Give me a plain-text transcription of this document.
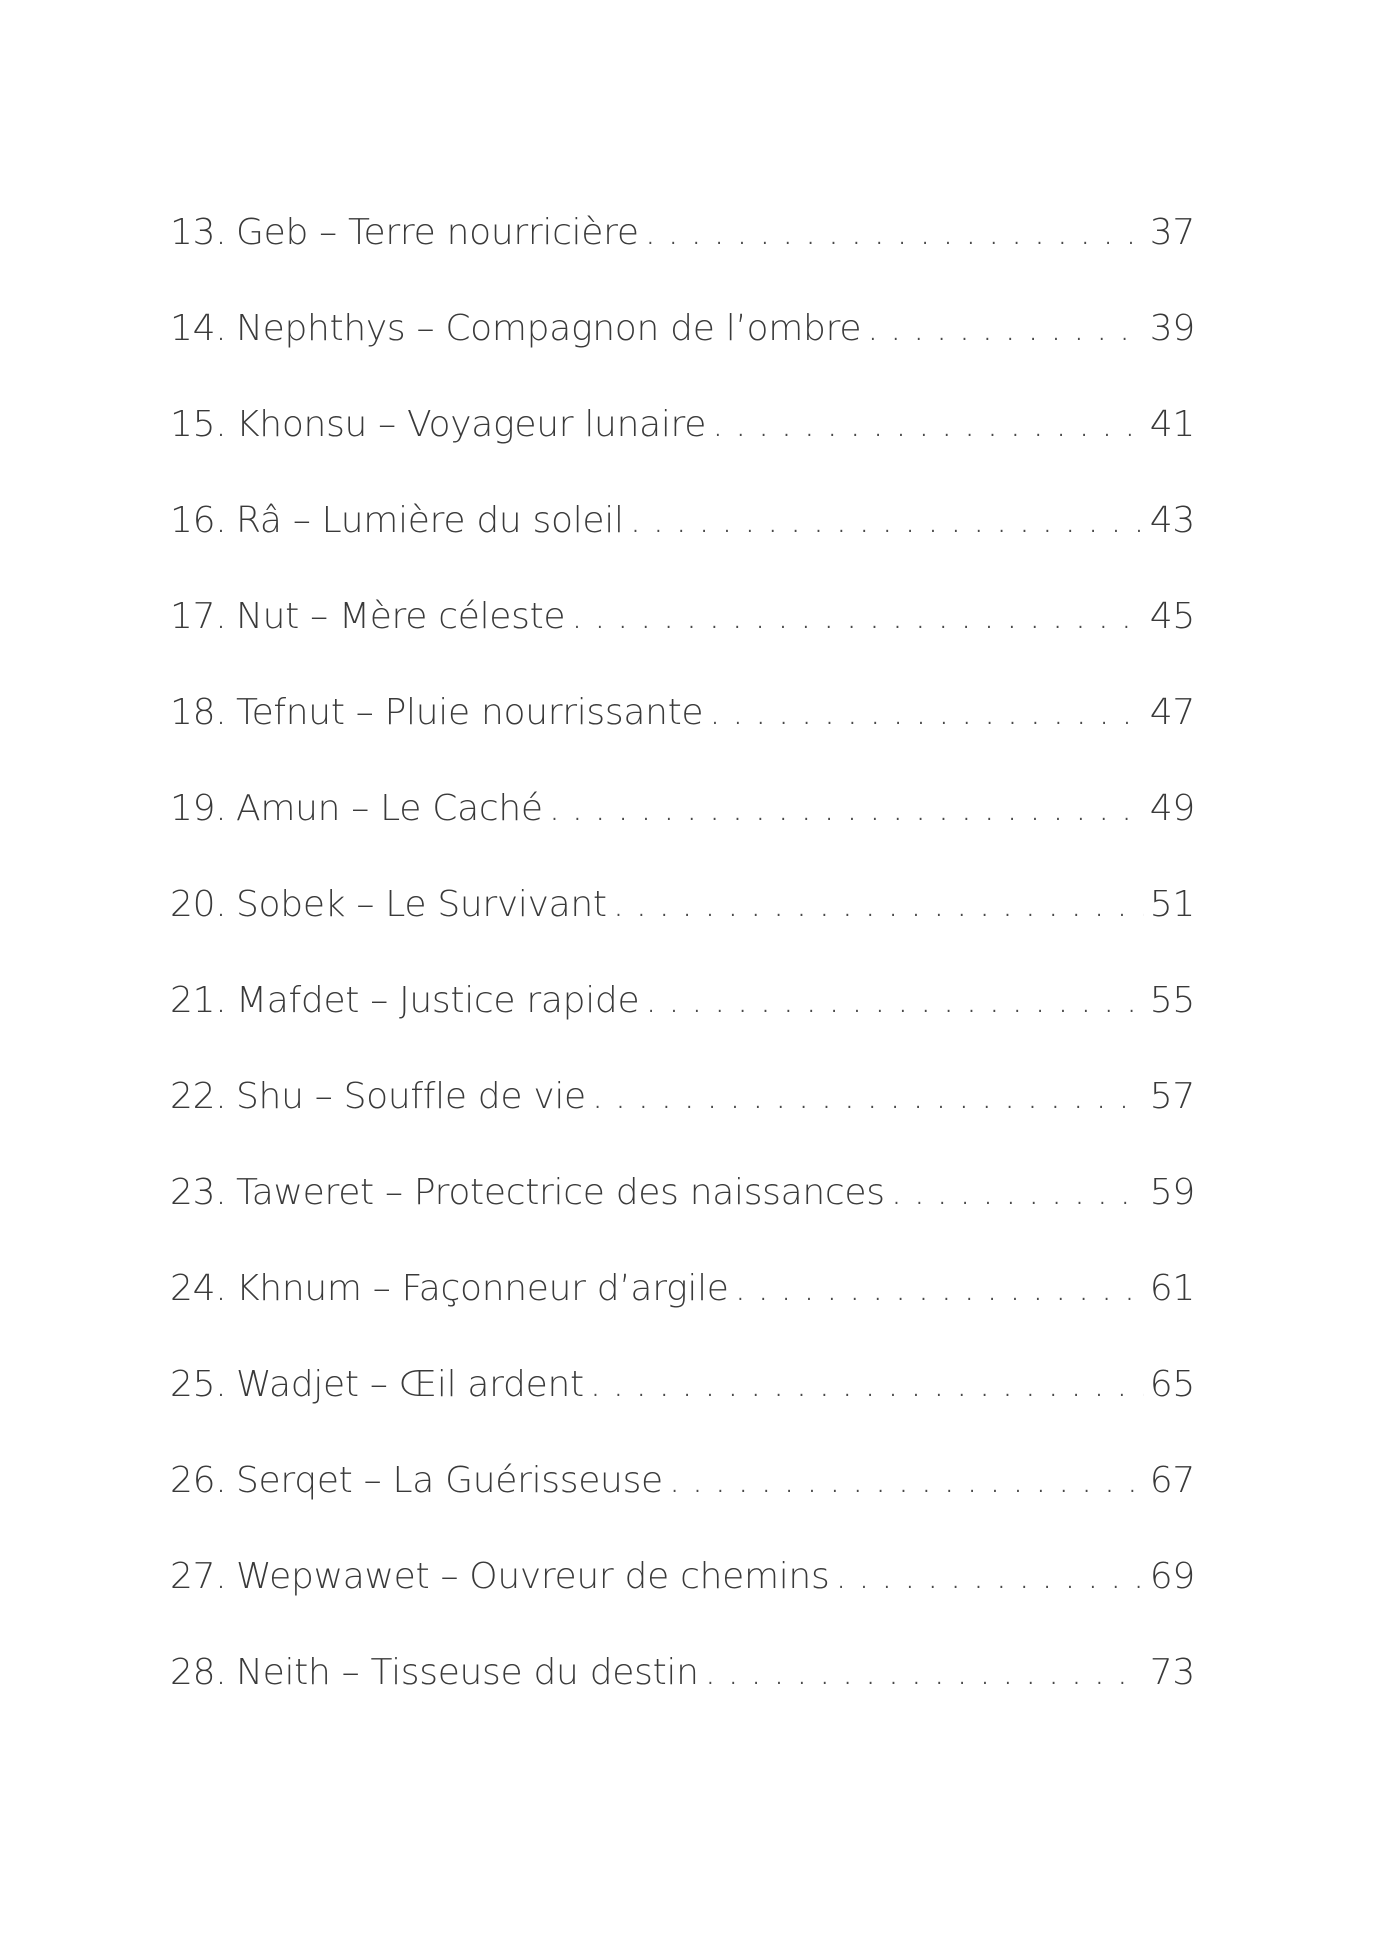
13. Geb – Terre nourricière . . .	37
14. Nephthys – Compagnon de l’ombre . . .	39
15. Khonsu – Voyageur lunaire . . .	41
16. Râ – Lumière du soleil . . .	43
17. Nut – Mère céleste . . .	45
18. Tefnut – Pluie nourrissante . . .	47
19. Amun – Le Caché . . .	49
20. Sobek – Le Survivant . . .	51
21. Mafdet – Justice rapide . . .	55
22. Shu – Souffle de vie . . .	57
23. Taweret – Protectrice des naissances . . .	59
24. Khnum – Façonneur d’argile . . .	61
25. Wadjet – Œil ardent . . .	65
26. Serqet – La Guérisseuse . . .	67
27. Wepwawet – Ouvreur de chemins . . .	69
28. Neith – Tisseuse du destin . . .	73
